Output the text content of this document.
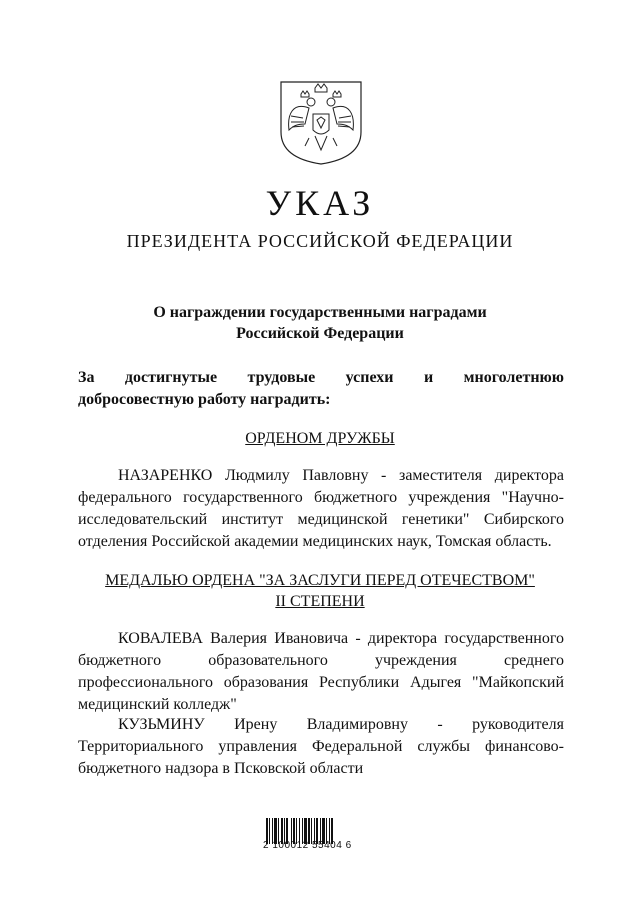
УКАЗ
ПРЕЗИДЕНТА РОССИЙСКОЙ ФЕДЕРАЦИИ
О награждении государственными наградами
Российской Федерации
За достигнутые трудовые успехи и многолетнюю
добросовестную работу наградить:
ОРДЕНОМ ДРУЖБЫ
НАЗАРЕНКО Людмилу Павловну - заместителя директора
федерального государственного бюджетного учреждения "Научно-
исследовательский институт медицинской генетики" Сибирского
отделения Российской академии медицинских наук, Томская область.
МЕДАЛЬЮ ОРДЕНА "ЗА ЗАСЛУГИ ПЕРЕД ОТЕЧЕСТВОМ"
II СТЕПЕНИ
КОВАЛЕВА Валерия Ивановича - директора государственного
бюджетного образовательного учреждения среднего
профессионального образования Республики Адыгея "Майкопский
медицинский колледж"
КУЗЬМИНУ Ирену Владимировну - руководителя
Территориального управления Федеральной службы финансово-
бюджетного надзора в Псковской области
2 100012 55404 6
